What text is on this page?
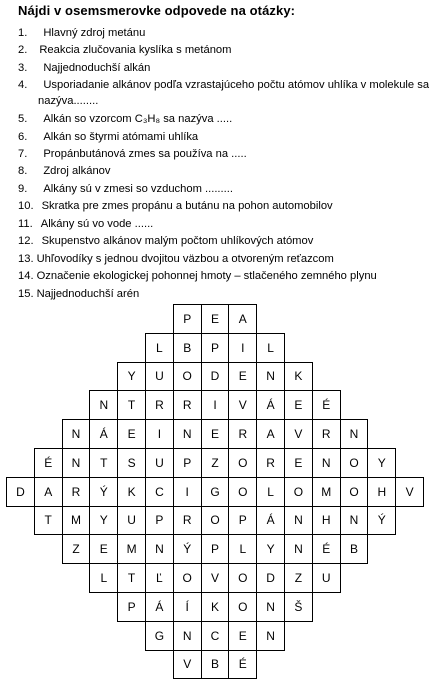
Nájdi v osemsmerovke odpovede na otázky:
1. Hlavný zdroj metánu
2. Reakcia zlučovania kyslíka s metánom
3. Najjednoduchší alkán
4. Usporiadanie alkánov podľa vzrastajúceho počtu atómov uhlíka v molekule sa
nazýva........
5. Alkán so vzorcom C₃H₈ sa nazýva .....
6. Alkán so štyrmi atómami uhlíka
7. Propánbutánová zmes sa používa na .....
8. Zdroj alkánov
9. Alkány sú v zmesi so vzduchom .........
10. Skratka pre zmes propánu a butánu na pohon automobilov
11. Alkány sú vo vode ......
12. Skupenstvo alkánov malým počtom uhlíkových atómov
13. Uhľovodíky s jednou dvojitou väzbou a otvoreným reťazcom
14. Označenie ekologickej pohonnej hmoty – stlačeného zemného plynu
15. Najjednoduchší arén
P	E	A
L	B	P	I	L
Y	U	O	D	E	N	K
N	T	R	R	I	V	Á	E	É
N	Á	E	I	N	E	R	A	V	R	N
É	N	T	S	U	P	Z	O	R	E	N	O	Y
D	A	R	Ý	K	C	I	G	O	L	O	M	O	H	V
T	M	Y	U	P	R	O	P	Á	N	H	N	Ý
Z	E	M	N	Ý	P	L	Y	N	É	B
L	T	Ľ	O	V	O	D	Z	U
P	Á	Í	K	O	N	Š
G	N	C	E	N
V	B	É
